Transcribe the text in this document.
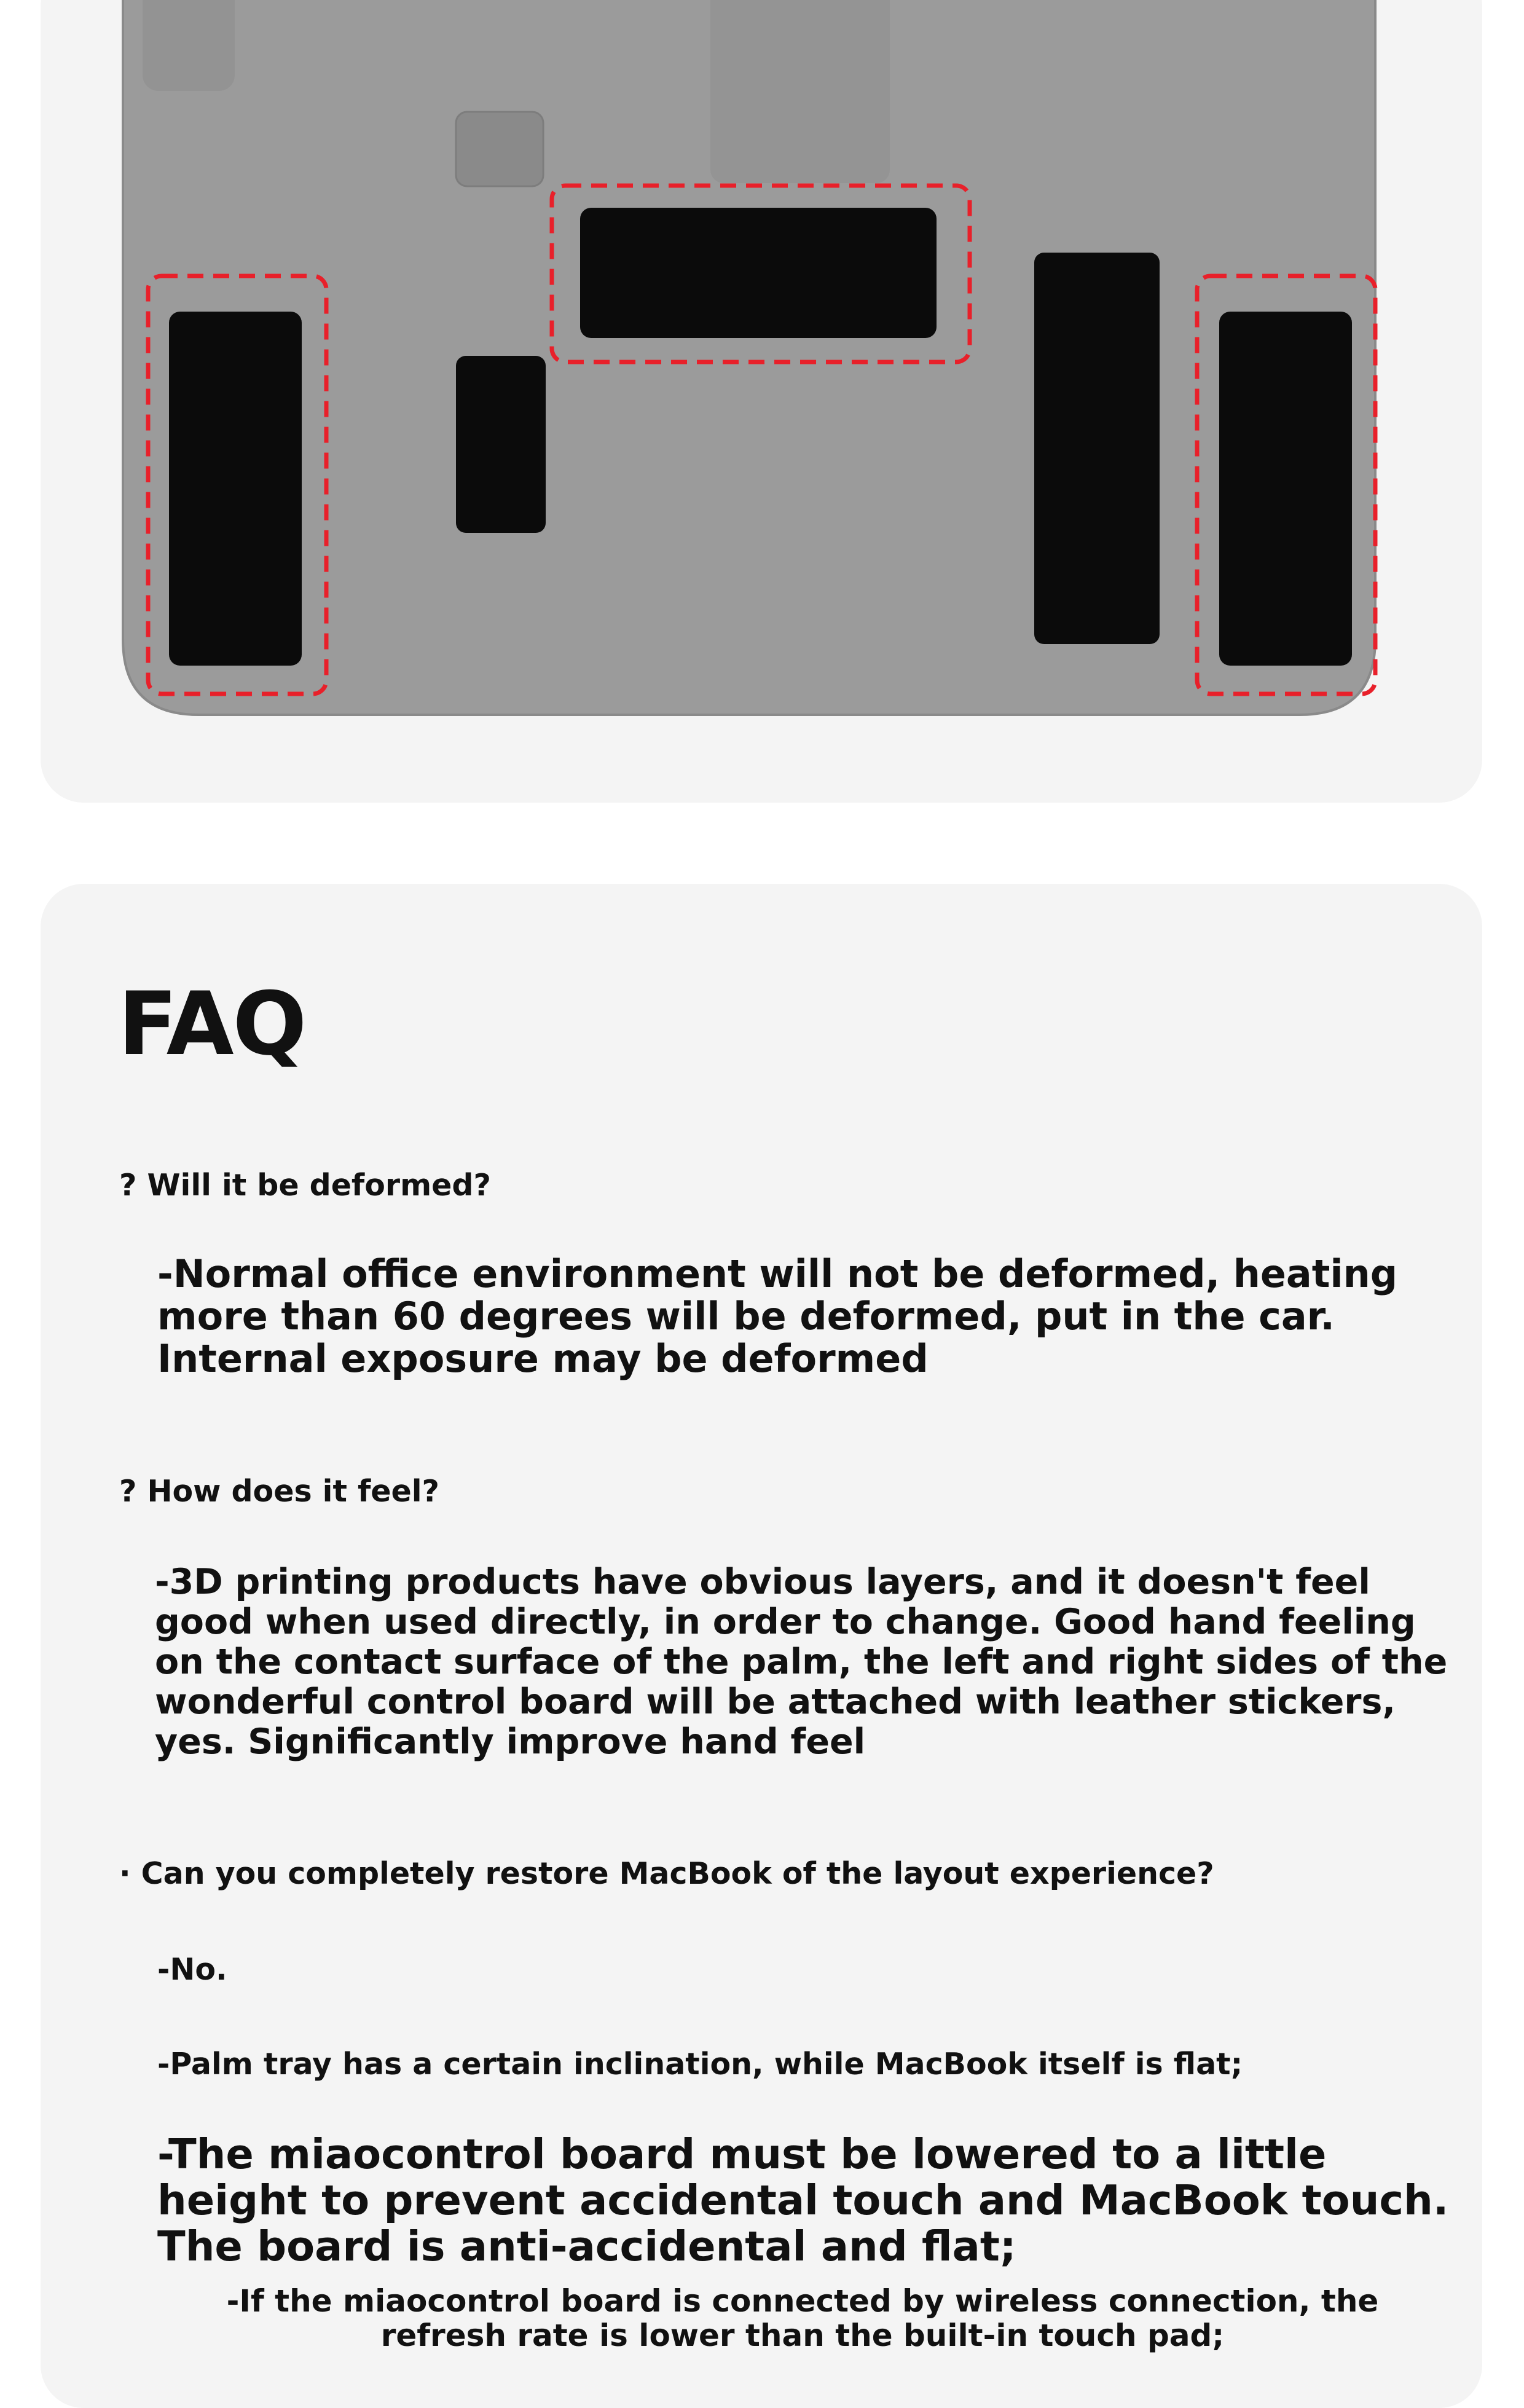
FAQ

? Will it be deformed?

-Normal office environment will not be deformed, heating more than 60 degrees will be deformed, put in the car. Internal exposure may be deformed

? How does it feel?

-3D printing products have obvious layers, and it doesn't feel good when used directly, in order to change. Good hand feeling on the contact surface of the palm, the left and right sides of the wonderful control board will be attached with leather stickers, yes. Significantly improve hand feel

· Can you completely restore MacBook of the layout experience?

-No.

-Palm tray has a certain inclination, while MacBook itself is flat;

-The miaocontrol board must be lowered to a little height to prevent accidental touch and MacBook touch. The board is anti-accidental and flat;

-If the miaocontrol board is connected by wireless connection, the refresh rate is lower than the built-in touch pad;
